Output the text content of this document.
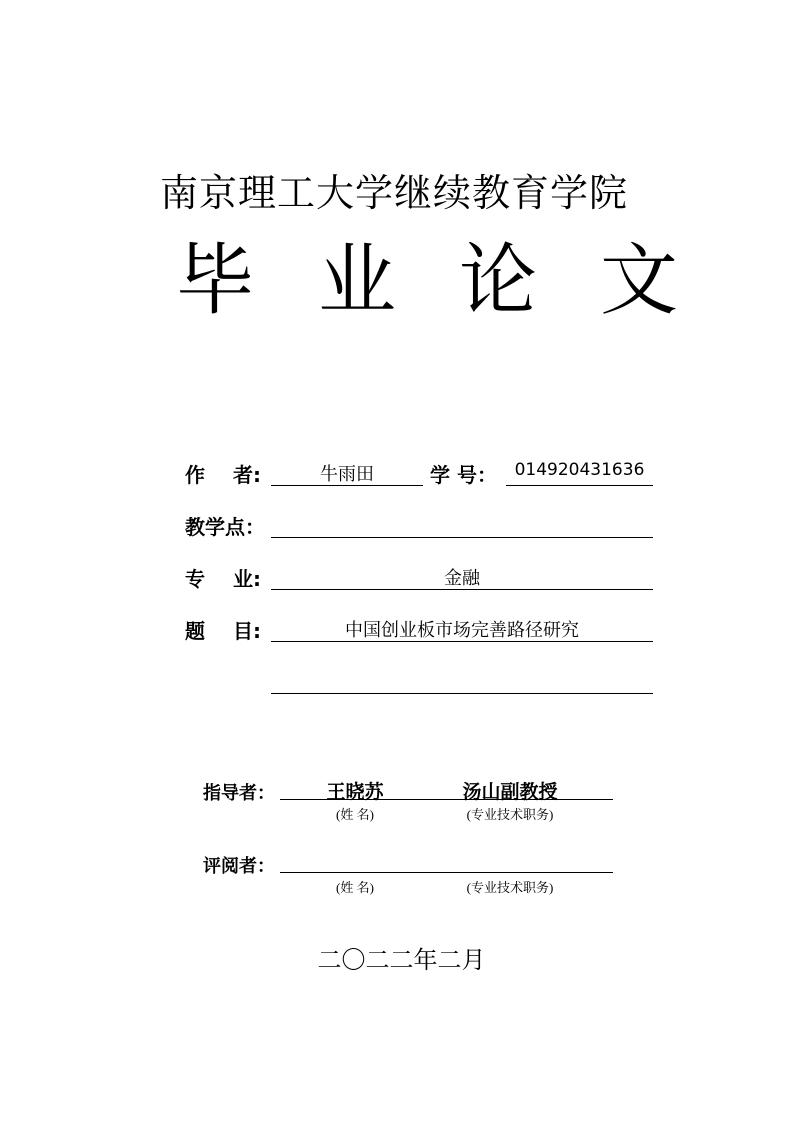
南京理工大学继续教育学院
毕 业 论 文
作 者:	牛雨田	学 号：	014920431636
教学点：
专 业:	金融
题 目:	中国创业板市场完善路径研究
指导者：	王晓苏	汤山副教授
(姓 名)	(专业技术职务)
评阅者：
(姓 名)	(专业技术职务)
二〇二二年二月
